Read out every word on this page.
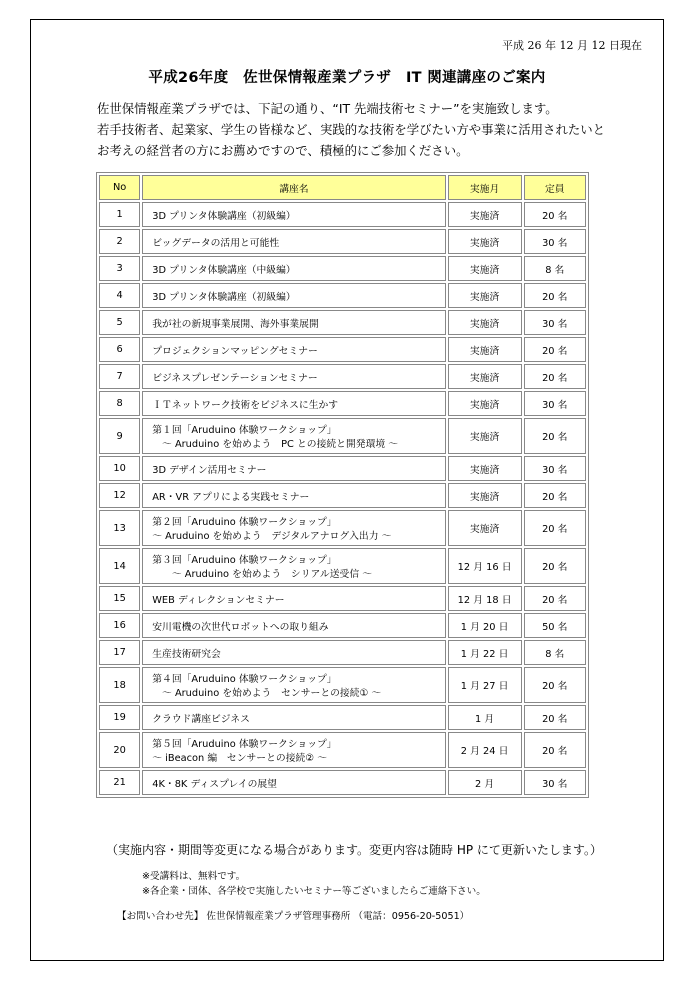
平成 26 年 12 月 12 日現在
平成26年度　佐世保情報産業プラザ　IT 関連講座のご案内
佐世保情報産業プラザでは、下記の通り、“IT 先端技術セミナー”を実施致します。
若手技術者、起業家、学生の皆様など、実践的な技術を学びたい方や事業に活用されたいと
お考えの経営者の方にお薦めですので、積極的にご参加ください。
No	講座名	実施月	定員
1	3D プリンタ体験講座（初級編）	実施済	20 名
2	ビッグデータの活用と可能性	実施済	30 名
3	3D プリンタ体験講座（中級編）	実施済	8 名
4	3D プリンタ体験講座（初級編）	実施済	20 名
5	我が社の新規事業展開、海外事業展開	実施済	30 名
6	プロジェクションマッピングセミナー	実施済	20 名
7	ビジネスプレゼンテーションセミナー	実施済	20 名
8	ＩＴネットワーク技術をビジネスに生かす	実施済	30 名
9	第１回「Aruduino 体験ワークショップ」
　～ Aruduino を始めよう　PC との接続と開発環境 ～	実施済	20 名
10	3D デザイン活用セミナー	実施済	30 名
12	AR・VR アプリによる実践セミナー	実施済	20 名
13	第２回「Aruduino 体験ワークショップ」
～ Aruduino を始めよう　デジタルアナログ入出力 ～	実施済	20 名
14	第３回「Aruduino 体験ワークショップ」
　　～ Aruduino を始めよう　シリアル送受信 ～	12 月 16 日	20 名
15	WEB ディレクションセミナー	12 月 18 日	20 名
16	安川電機の次世代ロボットへの取り組み	1 月 20 日	50 名
17	生産技術研究会	1 月 22 日	8 名
18	第４回「Aruduino 体験ワークショップ」
　～ Aruduino を始めよう　センサーとの接続① ～	1 月 27 日	20 名
19	クラウド講座ビジネス	1 月	20 名
20	第５回「Aruduino 体験ワークショップ」
～ iBeacon 編　センサーとの接続② ～	2 月 24 日	20 名
21	4K・8K ディスプレイの展望	2 月	30 名
（実施内容・期間等変更になる場合があります。変更内容は随時 HP にて更新いたします。）
※受講料は、無料です。
※各企業・団体、各学校で実施したいセミナー等ございましたらご連絡下さい。
【お問い合わせ先】 佐世保情報産業プラザ管理事務所 （電話：0956-20-5051）
